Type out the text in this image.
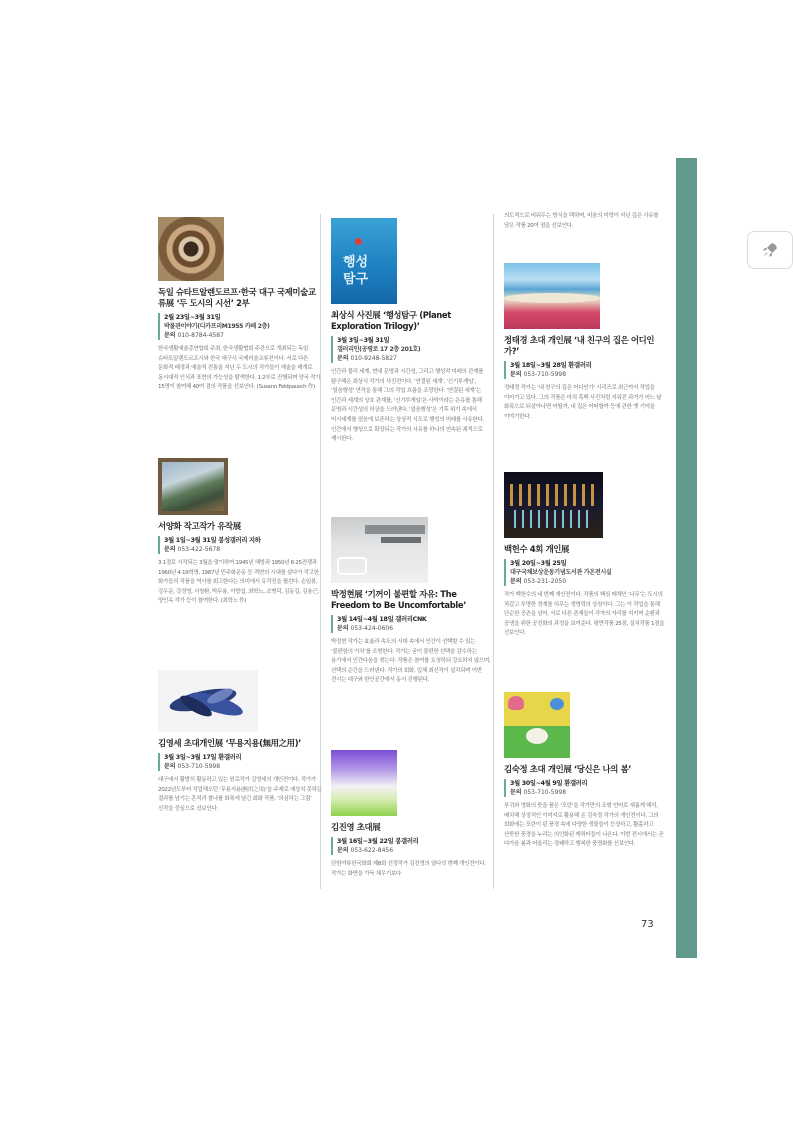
독일 슈타트알렌도르프·한국 대구 국제미술교류展 ‘두 도시의 시선’ 2부
2월 23일~3월 31일
박물관이야기(디카프리M1955 카페 2층)
문의 010-8784-4587
한국생활예술총연합회 주최, 한국생활협회 주관으로 개최되는 독일 슈타트알렌도르프시와 한국 대구시 국제미술교류전이다. 서로 다른 문화적 배경과 예술적 전통을 지닌 두 도시의 작가들이 예술을 매개로 동시대적 인식과 표현의 가능성을 탐색한다. 1·2부로 진행되며 양국 작가 15명이 참여해 40여 점의 작품을 선보인다. (Susann Feldpausch 作)
서양화 작고작가 유작展
3월 1일~3월 31일 봉성갤러리 지하
문의 053-422-5678
3·1절로 시작되는 3월을 맞이하여 1945년 해방과 1950년 6·25전쟁과 1960년 4·19혁명, 1987년 민주화운동 등 격변의 시대를 살다가 작고한 화가들의 작품을 역사를 회고한다는 의미에서 유작전을 펼친다. 손일봉, 강우문, 강정영, 서창환, 박무용, 이향섭, 최학노, 조병덕, 김동길, 김용근, 양인옥 작가 등이 참여한다. (최학노 作)
김영세 초대개인展 ‘무용지용(無用之用)’
3월 3일~3월 17일 환갤러리
문의 053-710-5998
대구에서 활발히 활동하고 있는 원로작가 김영세의 개인전이다. 작가가 2022년도부터 작업해오던 ‘무용지용(無用之用)’을 주제로 예상치 못하는 결과를 남기는 흔적과 찰나를 화폭에 남긴 회화 작품, ‘의심하는 그림’ 신작을 중심으로 선보인다.
행성
탐구
최상식 사진展 ‘행성탐구 (Planet Exploration Trilogy)’
3월 3일~3월 31일
갤러리인(공평로 17 2층 201호)
문의 010-9248-5827
인간과 물리 세계, 현대 문명과 시간성, 그리고 행성적 미래의 관계를 탐구해온 최상식 작가의 사진전이다. ‘연결된 세계’, ‘신기루게임’, ‘얼음행성’ 연작을 통해 그의 작업 흐름을 조망한다. ‘연결된 세계’는 인간과 세계의 상호 관계를, ‘신기루게임’은 사막이라는 은유를 통해 문명과 시간성의 허상을 드러낸다. ‘얼음행성’은 기후 위기 속에서 미시세계를 얼음에 보존하는 상상적 시도로 행성의 미래를 사유한다. 인간에서 행성으로 확장되는 작가의 사유를 하나의 연속된 궤적으로 제시한다.
박정현展 ‘기꺼이 불편할 자유: The Freedom to Be Uncomfortable’
3월 14일~4월 18일 갤러리CNK
문의 053-424-0606
박정현 작가는 효율과 속도의 시대 속에서 인간이 선택할 수 있는 ‘불편함의 가치’를 조명한다. 작가는 굳이 불편한 선택을 감수하는 용기에서 인간다움을 찾는다. 작품은 참여를 요청하되 강요하지 않으며, 선택의 순간을 드러낸다. 작가의 회화, 입체 최신작이 설치되며 이번 전시는 대구와 한인공간에서 동시 진행된다.
김진영 초대展
3월 16일~3월 22일 봉갤러리
문의 053-622-8456
단원여류한국화회 제8회 선정작가 김진영의 열다섯 번째 개인전이다. 작가는 화면을 가득 채우기보다
의도적으로 비워두는 방식을 택하며, 비움의 미학이 지닌 깊은 사유를 담은 작품 20여 점을 선보인다.
정태경 초대 개인展 ‘내 친구의 집은 어디인가?’
3월 18일~3월 28일 환갤러리
문의 053-710-5998
정태경 작가는 ‘내 친구의 집은 어디인가’ 시리즈로 최근까지 작업을 이어가고 있다. 그의 작품은 마치 흑백 사진처럼 지워진 과거가 어느 날 화폭으로 되살아나면 어떨까, 내 집은 어떠할까 등에 관한 옛 기억을 이야기한다.
백헌수 4회 개인展
3월 20일~3월 25일
대구국채보상운동기념도서관 가온전시실
문의 053-231-2050
작가 백헌수의 네 번째 개인전이다. 작품의 핵심 매체인 ‘나무’는 도시의 차갑고 투명한 경계를 허무는 생명력의 상징이다. 그는 이 작업을 통해 단순한 공존을 넘어, 서로 다른 존재들이 각자의 자리를 지키며 순환과 공생을 위한 공진화의 과정을 보여준다. 평면작품 25점, 설치작품 1점을 선보인다.
김숙정 초대 개인展 ‘당신은 나의 봄’
3월 30일~4월 9일 환갤러리
문의 053-710-5998
부귀와 영화의 뜻을 품은 ‘모란’을 작가만의 조형 언어로 새롭게 해석, 배치해 상징적인 이미지로 활용해 온 김숙정 작가의 개인전이다. 그의 회화에는 모란이 핀 풍경 속에 다양한 생물들이 등장하고, 활홀하고 산뜻한 풍경을 누리는 의인화된 캐릭터들이 나온다. 이번 전시에서는 곧 다가올 봄과 어울리는 경쾌하고 행복한 풍경화를 선보인다.
73
